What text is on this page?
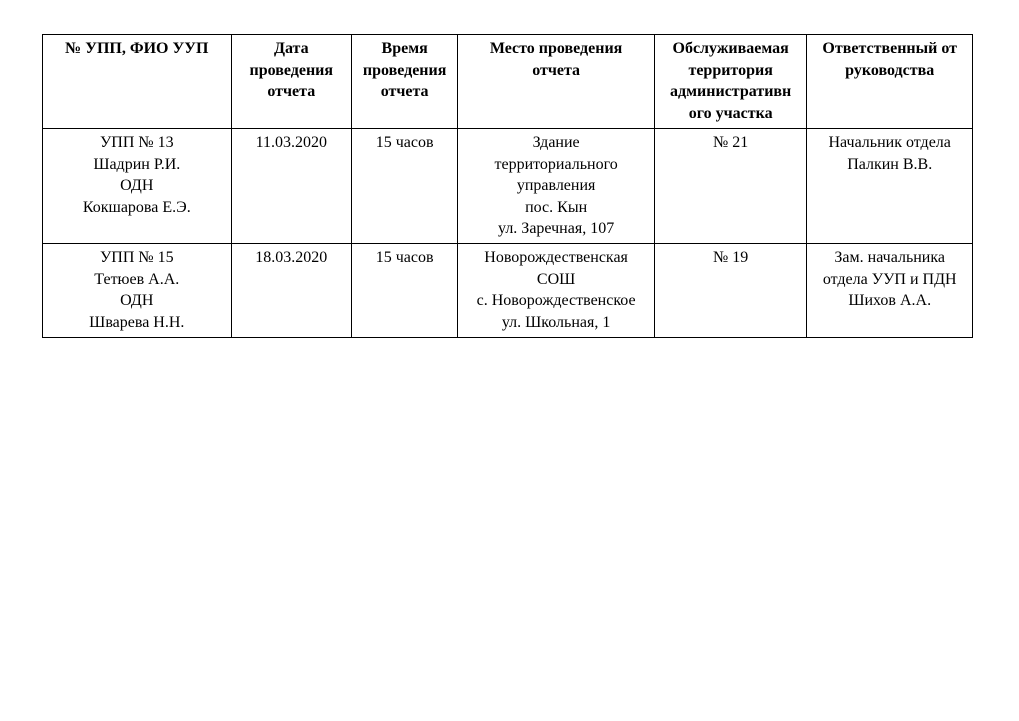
№ УПП, ФИО УУП	Дата
проведения
отчета	Время
проведения
отчета	Место проведения
отчета	Обслуживаемая
территория
административн
ого участка	Ответственный от
руководства

УПП № 13
Шадрин Р.И.
ОДН
Кокшарова Е.Э.	11.03.2020	15 часов	Здание
территориального
управления
пос. Кын
ул. Заречная, 107	№ 21	Начальник отдела
Палкин В.В.

УПП № 15
Тетюев А.А.
ОДН
Шварева Н.Н.	18.03.2020	15 часов	Новорождественская
СОШ
с. Новорождественское
ул. Школьная, 1	№ 19	Зам. начальника
отдела УУП и ПДН
Шихов А.А.
